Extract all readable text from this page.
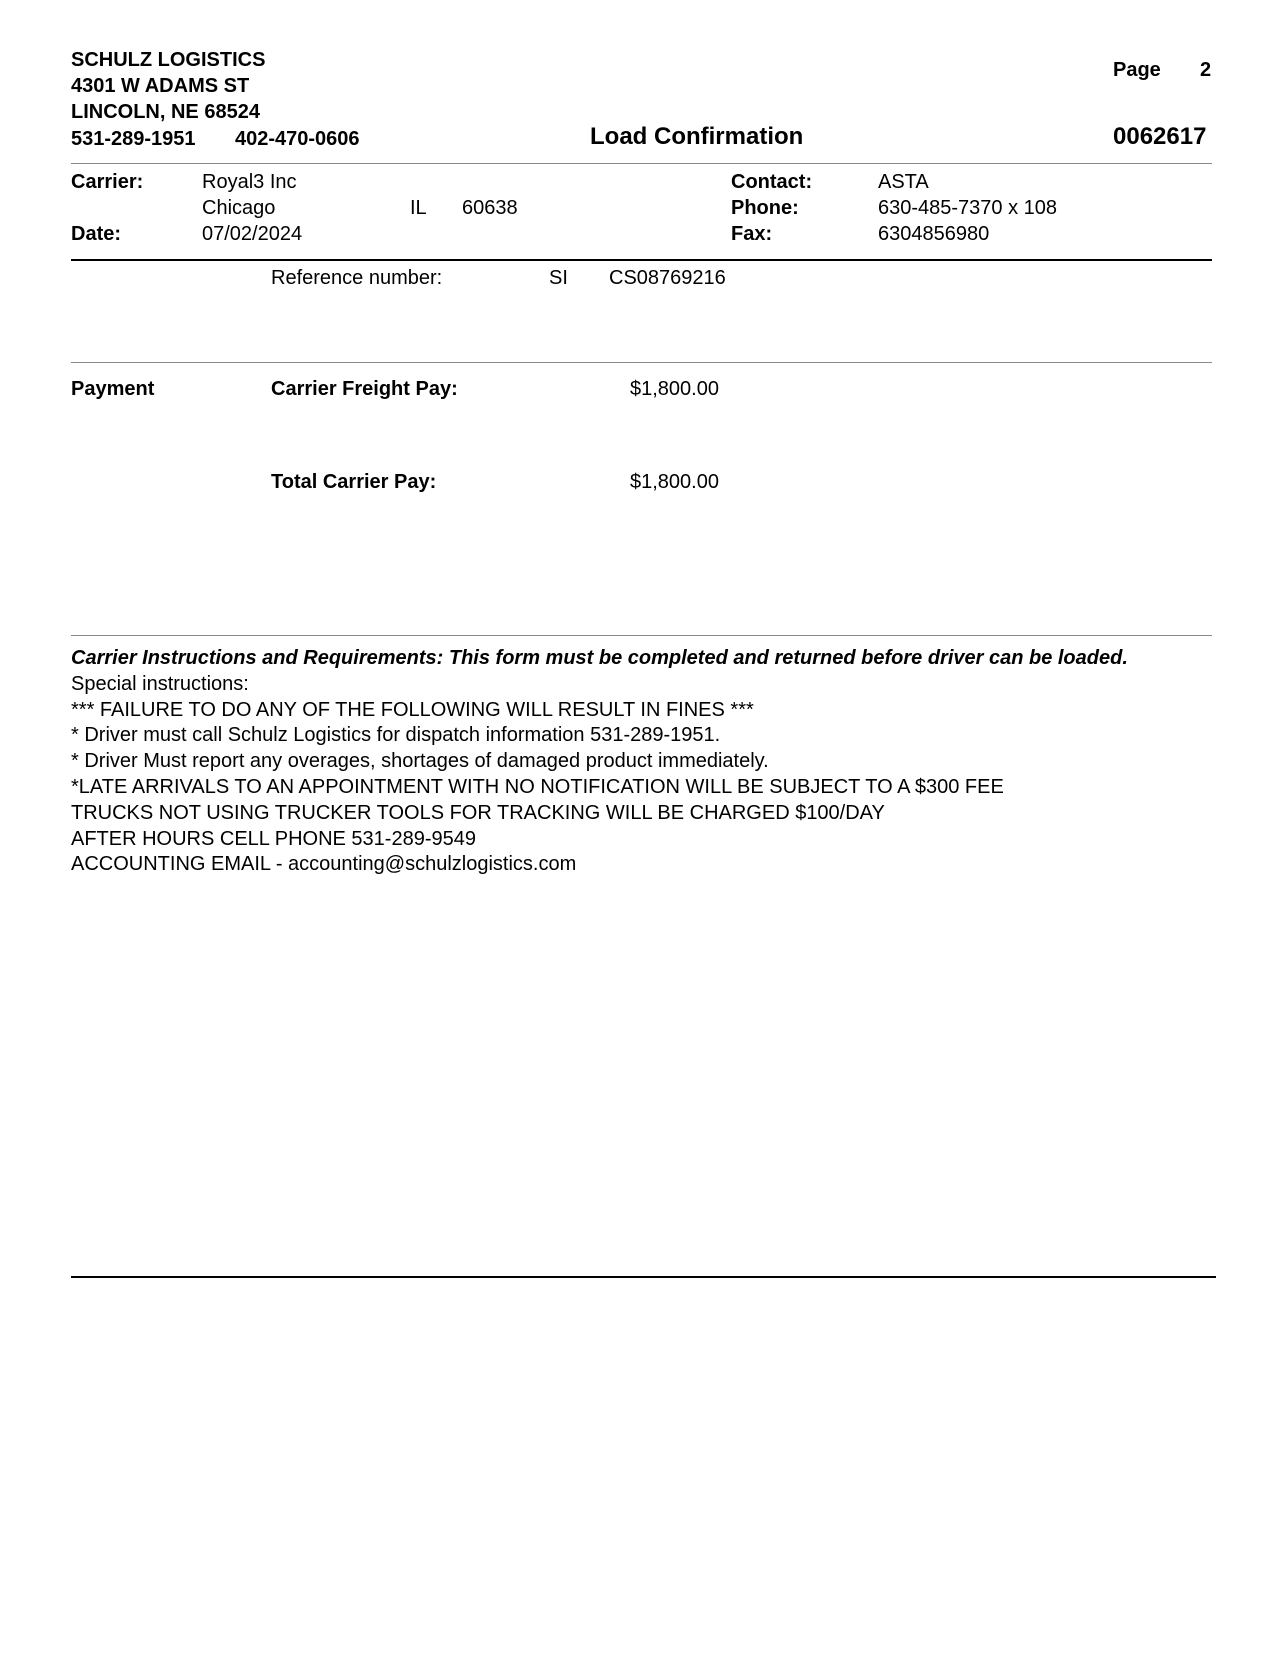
SCHULZ LOGISTICS
4301 W ADAMS ST
LINCOLN, NE 68524
531-289-1951 402-470-0606
Page 2
Load Confirmation	0062617
Carrier:	Royal3 Inc
Chicago	IL 60638
Date:	07/02/2024
Contact:	ASTA
Phone:	630-485-7370 x 108
Fax:	6304856980
Reference number:	SI CS08769216
Payment	Carrier Freight Pay:	$1,800.00
Total Carrier Pay:	$1,800.00
Carrier Instructions and Requirements: This form must be completed and returned before driver can be loaded.
Special instructions:
*** FAILURE TO DO ANY OF THE FOLLOWING WILL RESULT IN FINES ***
* Driver must call Schulz Logistics for dispatch information 531-289-1951.
* Driver Must report any overages, shortages of damaged product immediately.
*LATE ARRIVALS TO AN APPOINTMENT WITH NO NOTIFICATION WILL BE SUBJECT TO A $300 FEE
TRUCKS NOT USING TRUCKER TOOLS FOR TRACKING WILL BE CHARGED $100/DAY
AFTER HOURS CELL PHONE 531-289-9549
ACCOUNTING EMAIL - accounting@schulzlogistics.com
